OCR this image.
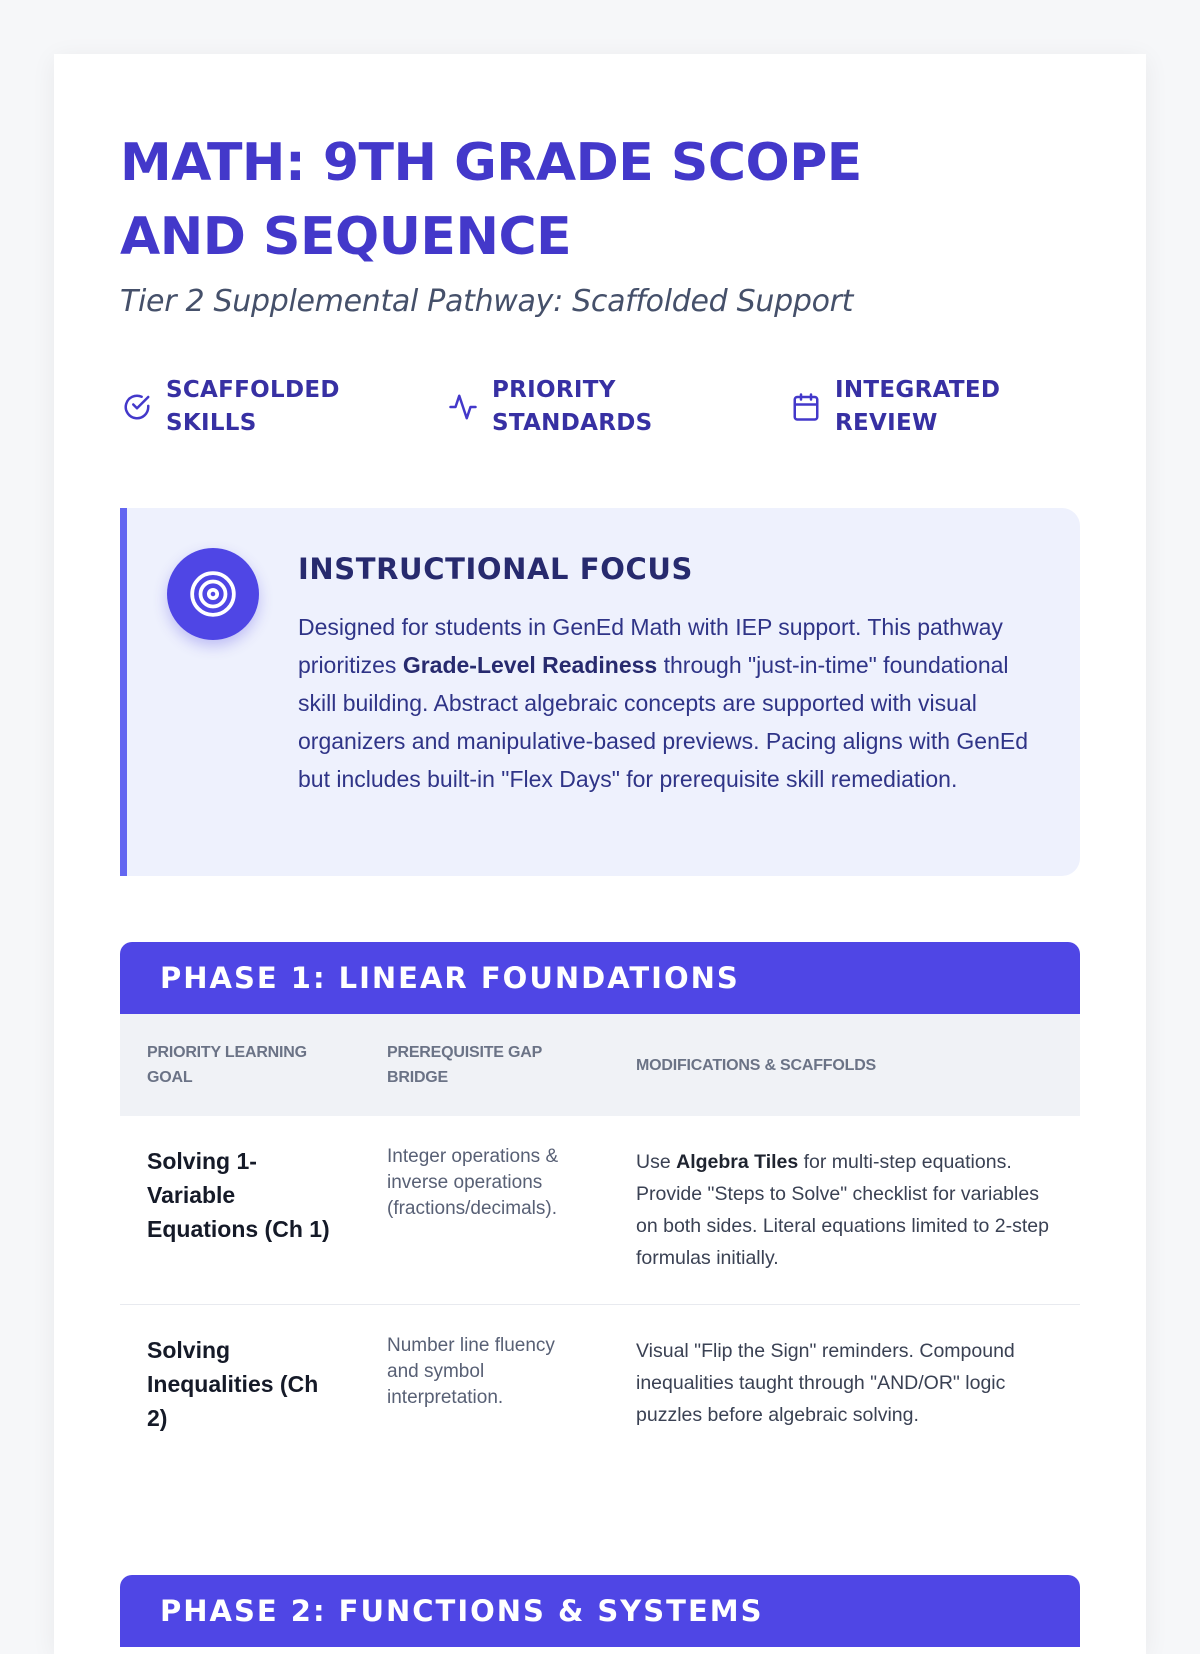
MATH: 9TH GRADE SCOPE AND SEQUENCE
Tier 2 Supplemental Pathway: Scaffolded Support
SCAFFOLDED SKILLS
PRIORITY STANDARDS
INTEGRATED REVIEW
INSTRUCTIONAL FOCUS

Designed for students in GenEd Math with IEP support. This pathway prioritizes Grade-Level Readiness through "just-in-time" foundational skill building. Abstract algebraic concepts are supported with visual organizers and manipulative-based previews. Pacing aligns with GenEd but includes built-in "Flex Days" for prerequisite skill remediation.

PHASE 1: LINEAR FOUNDATIONS
PRIORITY LEARNING GOAL	PREREQUISITE GAP BRIDGE	MODIFICATIONS & SCAFFOLDS
Solving 1-Variable Equations (Ch 1)	Integer operations & inverse operations (fractions/decimals).	Use Algebra Tiles for multi-step equations. Provide "Steps to Solve" checklist for variables on both sides. Literal equations limited to 2-step formulas initially.
Solving Inequalities (Ch 2)	Number line fluency and symbol interpretation.	Visual "Flip the Sign" reminders. Compound inequalities taught through "AND/OR" logic puzzles before algebraic solving.
PHASE 2: FUNCTIONS & SYSTEMS
